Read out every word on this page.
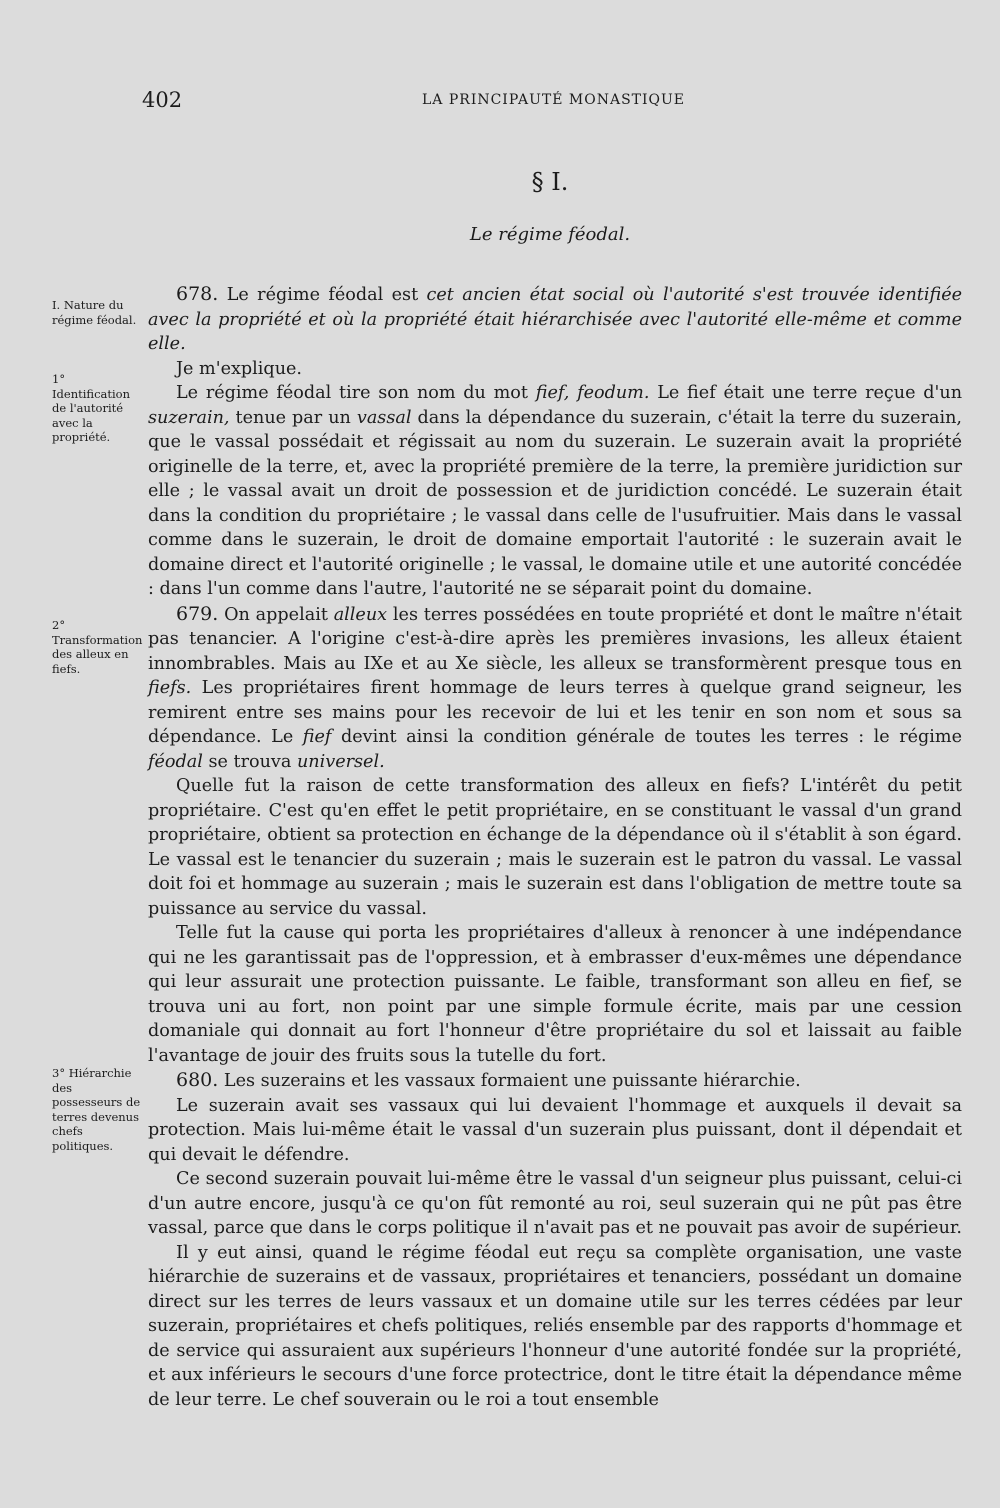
402	LA PRINCIPAUTÉ MONASTIQUE
§ I.
Le régime féodal.
I. Nature du régime féodal.
1° Identification de l'autorité avec la propriété.
2° Transformation des alleux en fiefs.
3° Hiérarchie des possesseurs de terres devenus chefs politiques.

678. Le régime féodal est cet ancien état social où l'autorité s'est trouvée identifiée avec la propriété et où la propriété était hiérarchisée avec l'autorité elle-même et comme elle.

Je m'explique.

Le régime féodal tire son nom du mot fief, feodum. Le fief était une terre reçue d'un suzerain, tenue par un vassal dans la dépendance du suzerain, c'était la terre du suzerain, que le vassal possédait et régissait au nom du suzerain. Le suzerain avait la propriété originelle de la terre, et, avec la propriété première de la terre, la première juridiction sur elle ; le vassal avait un droit de possession et de juridiction concédé. Le suzerain était dans la condition du propriétaire ; le vassal dans celle de l'usufruitier. Mais dans le vassal comme dans le suzerain, le droit de domaine emportait l'autorité : le suzerain avait le domaine direct et l'autorité originelle ; le vassal, le domaine utile et une autorité concédée : dans l'un comme dans l'autre, l'autorité ne se séparait point du domaine.

679. On appelait alleux les terres possédées en toute propriété et dont le maître n'était pas tenancier. A l'origine c'est-à-dire après les premières invasions, les alleux étaient innombrables. Mais au IXe et au Xe siècle, les alleux se transformèrent presque tous en fiefs. Les propriétaires firent hommage de leurs terres à quelque grand seigneur, les remirent entre ses mains pour les recevoir de lui et les tenir en son nom et sous sa dépendance. Le fief devint ainsi la condition générale de toutes les terres : le régime féodal se trouva universel.

Quelle fut la raison de cette transformation des alleux en fiefs? L'intérêt du petit propriétaire. C'est qu'en effet le petit propriétaire, en se constituant le vassal d'un grand propriétaire, obtient sa protection en échange de la dépendance où il s'établit à son égard. Le vassal est le tenancier du suzerain ; mais le suzerain est le patron du vassal. Le vassal doit foi et hommage au suzerain ; mais le suzerain est dans l'obligation de mettre toute sa puissance au service du vassal.

Telle fut la cause qui porta les propriétaires d'alleux à renoncer à une indépendance qui ne les garantissait pas de l'oppression, et à embrasser d'eux-mêmes une dépendance qui leur assurait une protection puissante. Le faible, transformant son alleu en fief, se trouva uni au fort, non point par une simple formule écrite, mais par une cession domaniale qui donnait au fort l'honneur d'être propriétaire du sol et laissait au faible l'avantage de jouir des fruits sous la tutelle du fort.

680. Les suzerains et les vassaux formaient une puissante hiérarchie.

Le suzerain avait ses vassaux qui lui devaient l'hommage et auxquels il devait sa protection. Mais lui-même était le vassal d'un suzerain plus puissant, dont il dépendait et qui devait le défendre.

Ce second suzerain pouvait lui-même être le vassal d'un seigneur plus puissant, celui-ci d'un autre encore, jusqu'à ce qu'on fût remonté au roi, seul suzerain qui ne pût pas être vassal, parce que dans le corps politique il n'avait pas et ne pouvait pas avoir de supérieur.

Il y eut ainsi, quand le régime féodal eut reçu sa complète organisation, une vaste hiérarchie de suzerains et de vassaux, propriétaires et tenanciers, possédant un domaine direct sur les terres de leurs vassaux et un domaine utile sur les terres cédées par leur suzerain, propriétaires et chefs politiques, reliés ensemble par des rapports d'hommage et de service qui assuraient aux supérieurs l'honneur d'une autorité fondée sur la propriété, et aux inférieurs le secours d'une force protectrice, dont le titre était la dépendance même de leur terre. Le chef souverain ou le roi a tout ensemble
